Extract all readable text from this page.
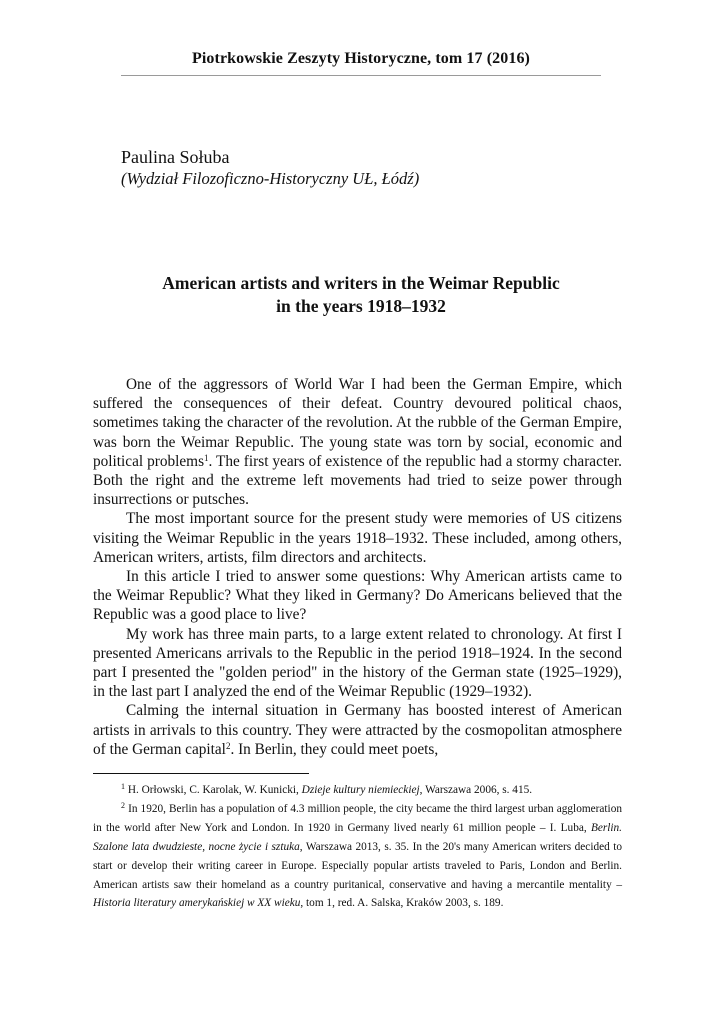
Piotrkowskie Zeszyty Historyczne, tom 17 (2016)
Paulina Sołuba
(Wydział Filozoficzno-Historyczny UŁ, Łódź)
American artists and writers in the Weimar Republic
in the years 1918–1932

One of the aggressors of World War I had been the German Empire, which suffered the consequences of their defeat. Country devoured political chaos, sometimes taking the character of the revolution. At the rubble of the German Empire, was born the Weimar Republic. The young state was torn by social, economic and political problems$^1$. The first years of existence of the republic had a stormy character. Both the right and the extreme left movements had tried to seize power through insurrections or putsches.

The most important source for the present study were memories of US citizens visiting the Weimar Republic in the years 1918–1932. These included, among others, American writers, artists, film directors and architects.

In this article I tried to answer some questions: Why American artists came to the Weimar Republic? What they liked in Germany? Do Americans believed that the Republic was a good place to live?

My work has three main parts, to a large extent related to chronology. At first I presented Americans arrivals to the Republic in the period 1918–1924. In the second part I presented the "golden period" in the history of the German state (1925–1929), in the last part I analyzed the end of the Weimar Republic (1929–1932).

Calming the internal situation in Germany has boosted interest of American artists in arrivals to this country. They were attracted by the cosmopolitan atmosphere of the German capital$^2$. In Berlin, they could meet poets,

$^1$ H. Orłowski, C. Karolak, W. Kunicki, Dzieje kultury niemieckiej, Warszawa 2006, s. 415.

$^2$ In 1920, Berlin has a population of 4.3 million people, the city became the third largest urban agglomeration in the world after New York and London. In 1920 in Germany lived nearly 61 million people – I. Luba, Berlin. Szalone lata dwudzieste, nocne życie i sztuka, Warszawa 2013, s. 35. In the 20's many American writers decided to start or develop their writing career in Europe. Especially popular artists traveled to Paris, London and Berlin. American artists saw their homeland as a country puritanical, conservative and having a mercantile mentality – Historia literatury amerykańskiej w XX wieku, tom 1, red. A. Salska, Kraków 2003, s. 189.
